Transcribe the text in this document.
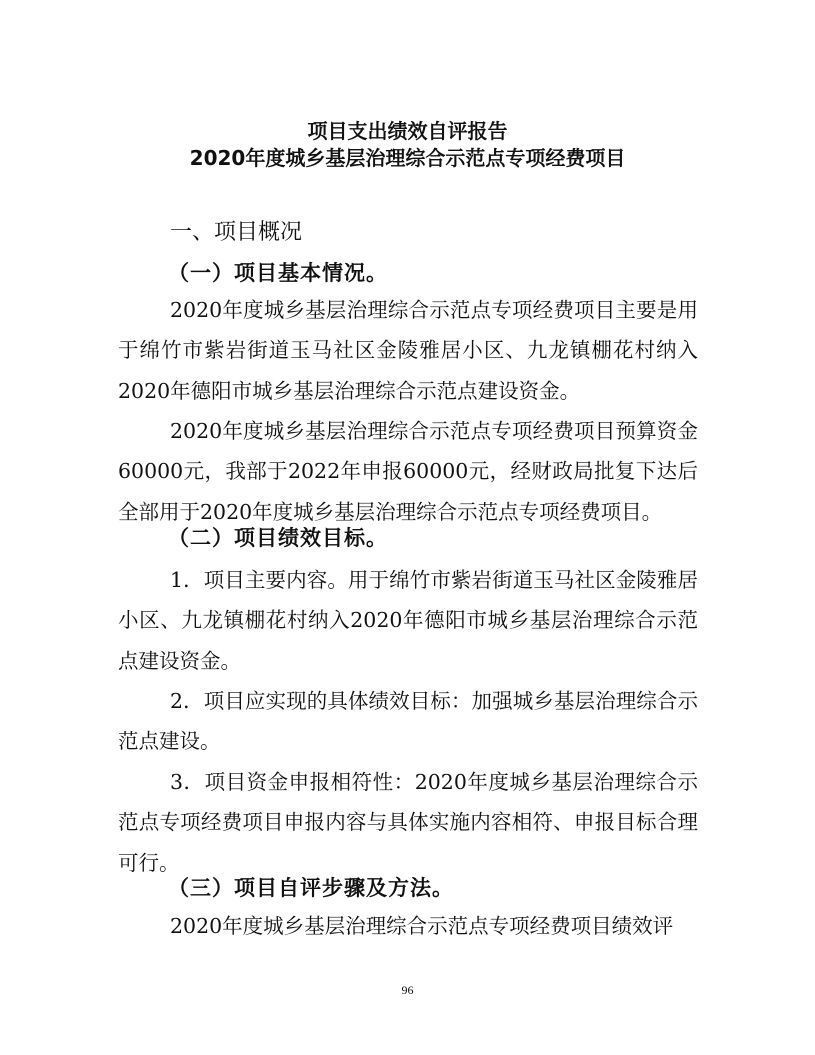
项目支出绩效自评报告
2020年度城乡基层治理综合示范点专项经费项目
一、项目概况
（一）项目基本情况。
2020年度城乡基层治理综合示范点专项经费项目主要是用于绵竹市紫岩街道玉马社区金陵雅居小区、九龙镇棚花村纳入2020年德阳市城乡基层治理综合示范点建设资金。
2020年度城乡基层治理综合示范点专项经费项目预算资金60000元，我部于2022年申报60000元，经财政局批复下达后全部用于2020年度城乡基层治理综合示范点专项经费项目。
（二）项目绩效目标。
1．项目主要内容。用于绵竹市紫岩街道玉马社区金陵雅居小区、九龙镇棚花村纳入2020年德阳市城乡基层治理综合示范点建设资金。
2．项目应实现的具体绩效目标：加强城乡基层治理综合示范点建设。
3．项目资金申报相符性：2020年度城乡基层治理综合示范点专项经费项目申报内容与具体实施内容相符、申报目标合理可行。
（三）项目自评步骤及方法。
2020年度城乡基层治理综合示范点专项经费项目绩效评
96
